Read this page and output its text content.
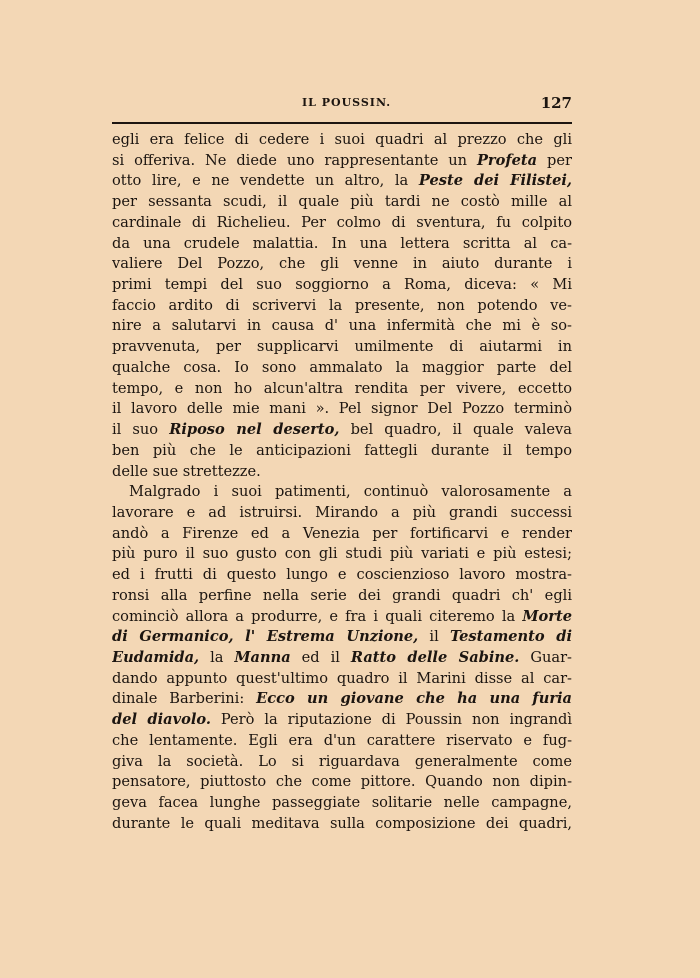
IL POUSSIN.	127
egli era felice di cedere i suoi quadri al prezzo che gli
si offeriva. Ne diede uno rappresentante un Profeta per
otto lire, e ne vendette un altro, la Peste dei Filistei,
per sessanta scudi, il quale più tardi ne costò mille al
cardinale di Richelieu. Per colmo di sventura, fu colpito
da una crudele malattia. In una lettera scritta al ca-
valiere Del Pozzo, che gli venne in aiuto durante i
primi tempi del suo soggiorno a Roma, diceva: « Mi
faccio ardito di scrivervi la presente, non potendo ve-
nire a salutarvi in causa d' una infermità che mi è so-
pravvenuta, per supplicarvi umilmente di aiutarmi in
qualche cosa. Io sono ammalato la maggior parte del
tempo, e non ho alcun'altra rendita per vivere, eccetto
il lavoro delle mie mani ». Pel signor Del Pozzo terminò
il suo Riposo nel deserto, bel quadro, il quale valeva
ben più che le anticipazioni fattegli durante il tempo
delle sue strettezze.
Malgrado i suoi patimenti, continuò valorosamente a
lavorare e ad istruirsi. Mirando a più grandi successi
andò a Firenze ed a Venezia per fortificarvi e render
più puro il suo gusto con gli studi più variati e più estesi;
ed i frutti di questo lungo e coscienzioso lavoro mostra-
ronsi alla perfine nella serie dei grandi quadri ch' egli
cominciò allora a produrre, e fra i quali citeremo la Morte
di Germanico, l' Estrema Unzione, il Testamento di
Eudamida, la Manna ed il Ratto delle Sabine. Guar-
dando appunto quest'ultimo quadro il Marini disse al car-
dinale Barberini: Ecco un giovane che ha una furia
del diavolo. Però la riputazione di Poussin non ingrandì
che lentamente. Egli era d'un carattere riservato e fug-
giva la società. Lo si riguardava generalmente come
pensatore, piuttosto che come pittore. Quando non dipin-
geva facea lunghe passeggiate solitarie nelle campagne,
durante le quali meditava sulla composizione dei quadri,
